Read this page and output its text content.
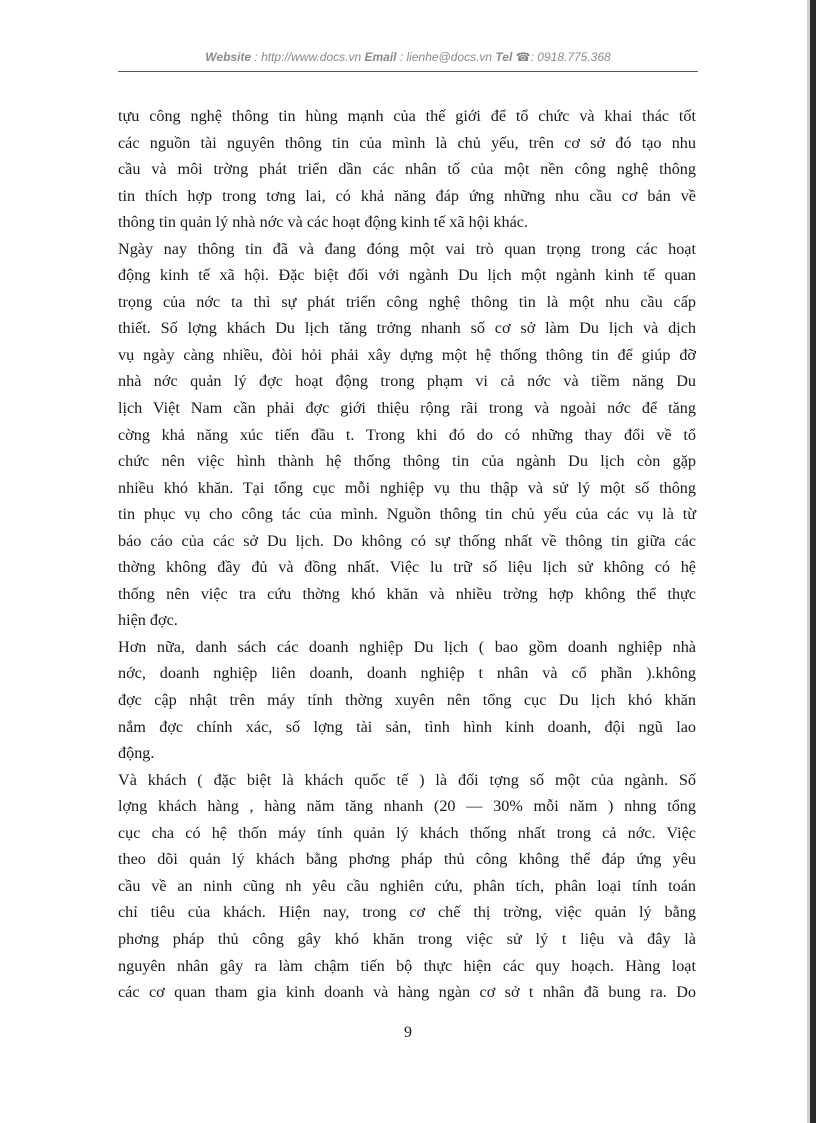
Website : http://www.docs.vn Email : lienhe@docs.vn Tel ☎: 0918.775.368
tựu công nghệ thông tin hùng mạnh của thế giới để tổ chức và khai thác tốt
các nguồn tài nguyên thông tin của mình là chủ yếu, trên cơ sở đó tạo nhu
cầu và môi trờng phát triển dần các nhân tố của một nền công nghệ thông
tin thích hợp trong tơng lai, có khả năng đáp ứng những nhu cầu cơ bản về
thông tin quản lý nhà nớc và các hoạt động kinh tế xã hội khác.
Ngày nay thông tin đã và đang đóng một vai trò quan trọng trong các hoạt
động kinh tế xã hội. Đặc biệt đối với ngành Du lịch một ngành kinh tế quan
trọng của nớc ta thì sự phát triển công nghệ thông tin là một nhu cầu cấp
thiết. Số lợng khách Du lịch tăng trởng nhanh số cơ sở làm Du lịch và dịch
vụ ngày càng nhiều, đòi hỏi phải xây dựng một hệ thống thông tin để giúp đỡ
nhà nớc quản lý đợc hoạt động trong phạm vi cả nớc và tiềm năng Du
lịch Việt Nam cần phải đợc giới thiệu rộng rãi trong và ngoài nớc để tăng
cờng khả năng xúc tiến đầu t. Trong khi đó do có những thay đổi về tổ
chức nên việc hình thành hệ thống thông tin của ngành Du lịch còn gặp
nhiều khó khăn. Tại tổng cục mỗi nghiệp vụ thu thập và sử lý một số thông
tin phục vụ cho công tác của mình. Nguồn thông tin chủ yếu của các vụ là từ
báo cáo của các sở Du lịch. Do không có sự thống nhất về thông tin giữa các
thờng không đầy đủ và đồng nhất. Việc lu trữ số liệu lịch sử không có hệ
thống nên việc tra cứu thờng khó khăn và nhiều trờng hợp không thể thực
hiện đợc.
Hơn nữa, danh sách các doanh nghiệp Du lịch ( bao gồm doanh nghiệp nhà
nớc, doanh nghiệp liên doanh, doanh nghiệp t nhân và cổ phần ).không
đợc cập nhật trên máy tính thờng xuyên nên tổng cục Du lịch khó khăn
nắm đợc chính xác, số lợng tài sản, tình hình kinh doanh, đội ngũ lao
động.
Và khách ( đặc biệt là khách quốc tế ) là đối tợng số một của ngành. Số
lợng khách hàng , hàng năm tăng nhanh (20 — 30% mỗi năm ) nhng tổng
cục cha có hệ thốn máy tính quản lý khách thống nhất trong cả nớc. Việc
theo dõi quản lý khách bằng phơng pháp thủ công không thể đáp ứng yêu
cầu về an ninh cũng nh yêu cầu nghiên cứu, phân tích, phân loại tính toán
chỉ tiêu của khách. Hiện nay, trong cơ chế thị trờng, việc quản lý bằng
phơng pháp thủ công gây khó khăn trong việc sử lý t liệu và đây là
nguyên nhân gây ra làm chậm tiến bộ thực hiện các quy hoạch. Hàng loạt
các cơ quan tham gia kinh doanh và hàng ngàn cơ sở t nhân đã bung ra. Do
9
